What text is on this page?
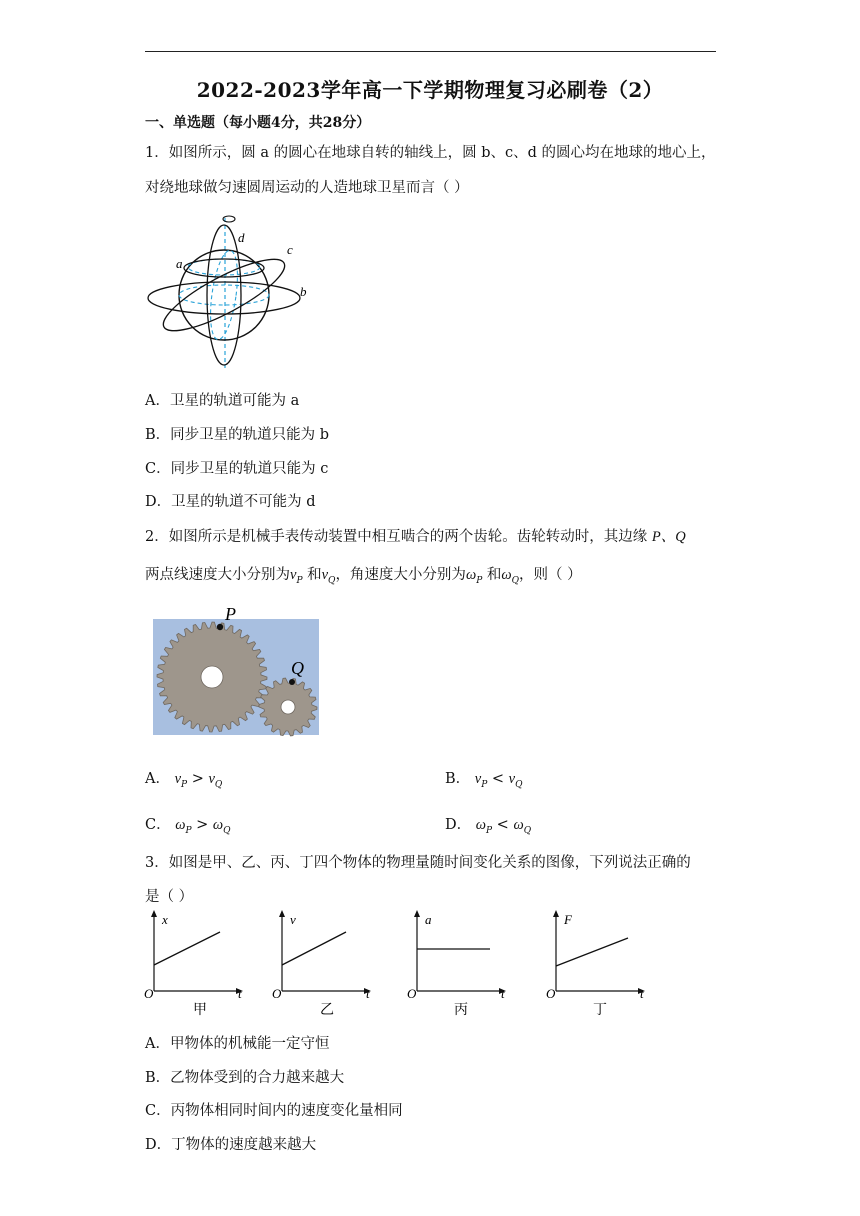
2022-2023学年高一下学期物理复习必刷卷（2）
一、单选题（每小题4分，共28分）
1．如图所示，圆 a 的圆心在地球自转的轴线上，圆 b、c、d 的圆心均在地球的地心上，
对绕地球做匀速圆周运动的人造地球卫星而言（ ）
d
c
a
b
A．卫星的轨道可能为 a
B．同步卫星的轨道只能为 b
C．同步卫星的轨道只能为 c
D．卫星的轨道不可能为 d
2．如图所示是机械手表传动装置中相互啮合的两个齿轮。齿轮转动时，其边缘 P、Q
两点线速度大小分别为$v_P$ 和$v_Q$，角速度大小分别为$\omega_P$ 和$\omega_Q$，则（ ）
P
Q
A． $v_P > v_Q$	B． $v_P < v_Q$
C． $\omega_P > \omega_Q$	D． $\omega_P < \omega_Q$
3．如图是甲、乙、丙、丁四个物体的物理量随时间变化关系的图像，下列说法正确的
是（ ）
x
O	t
甲
v
O	t
乙
a
O	t
丙
F
O	t
丁
A．甲物体的机械能一定守恒
B．乙物体受到的合力越来越大
C．丙物体相同时间内的速度变化量相同
D．丁物体的速度越来越大
